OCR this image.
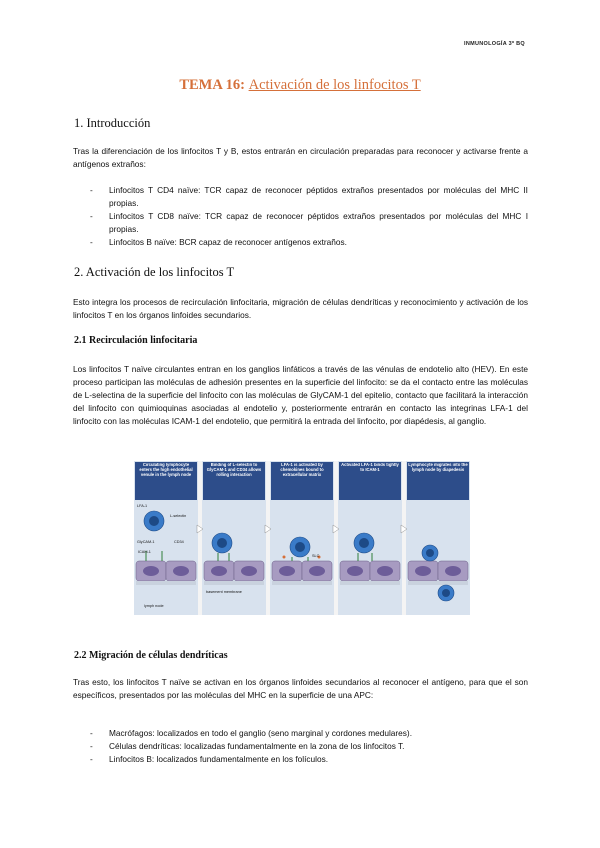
INMUNOLOGÍA 3º BQ
TEMA 16: Activación de los linfocitos T
1. Introducción
Tras la diferenciación de los linfocitos T y B, estos entrarán en circulación preparadas para reconocer y activarse frente a antígenos extraños:
- Linfocitos T CD4 naïve: TCR capaz de reconocer péptidos extraños presentados por moléculas del MHC II propias.
- Linfocitos T CD8 naïve: TCR capaz de reconocer péptidos extraños presentados por moléculas del MHC I propias.
- Linfocitos B naïve: BCR capaz de reconocer antígenos extraños.
2. Activación de los linfocitos T
Esto integra los procesos de recirculación linfocitaria, migración de células dendríticas y reconocimiento y activación de los linfocitos T en los órganos linfoides secundarios.
2.1 Recirculación linfocitaria
Los linfocitos T naïve circulantes entran en los ganglios linfáticos a través de las vénulas de endotelio alto (HEV). En este proceso participan las moléculas de adhesión presentes en la superficie del linfocito: se da el contacto entre las moléculas de L-selectina de la superficie del linfocito con las moléculas de GlyCAM-1 del epitelio, contacto que facilitará la interacción del linfocito con quimioquinas asociadas al endotelio y, posteriormente entrarán en contacto las integrinas LFA-1 del linfocito con las moléculas ICAM-1 del endotelio, que permitirá la entrada del linfocito, por diapédesis, al ganglio.
Circulating lymphocyte enters the high endothelial venule in the lymph node
Binding of L-selectin to GlyCAM-1 and CD34 allows rolling interaction
LFA-1 is activated by chemokines bound to extracellular matrix
Activated LFA-1 binds tightly to ICAM-1
Lymphocyte migrates into the lymph node by diapedesis
LFA-1
L-selectin
GlyCAM-1	CD34
ICAM-1
SLC
basement membrane
lymph node
2.2 Migración de células dendríticas
Tras esto, los linfocitos T naïve se activan en los órganos linfoides secundarios al reconocer el antígeno, para que el son específicos, presentados por las moléculas del MHC en la superficie de una APC:
- Macrófagos: localizados en todo el ganglio (seno marginal y cordones medulares).
- Células dendríticas: localizadas fundamentalmente en la zona de los linfocitos T.
- Linfocitos B: localizados fundamentalmente en los folículos.
